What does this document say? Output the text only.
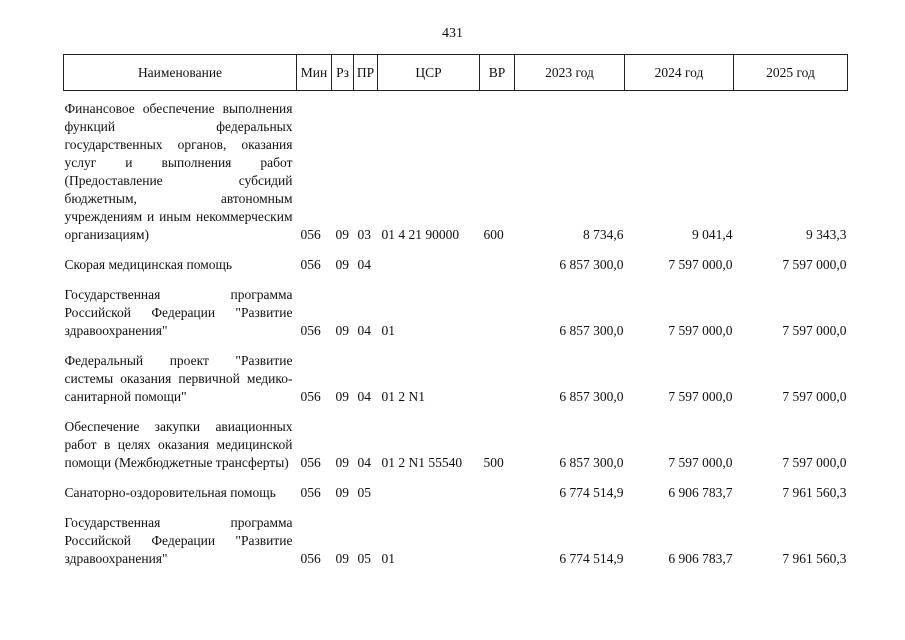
431
Наименование	Мин	Рз	ПР	ЦСР	ВР	2023 год	2024 год	2025 год
Финансовое обеспечение выполнения функций федеральных государственных органов, оказания услуг и выполнения работ (Предоставление субсидий бюджетным, автономным учреждениям и иным некоммерческим организациям)	056	09	03	01 4 21 90000	600	8 734,6	9 041,4	9 343,3
Скорая медицинская помощь	056	09	04			6 857 300,0	7 597 000,0	7 597 000,0
Государственная программа Российской Федерации "Развитие здравоохранения"	056	09	04	01		6 857 300,0	7 597 000,0	7 597 000,0
Федеральный проект "Развитие системы оказания первичной медико-санитарной помощи"	056	09	04	01 2 N1		6 857 300,0	7 597 000,0	7 597 000,0
Обеспечение закупки авиационных работ в целях оказания медицинской помощи (Межбюджетные трансферты)	056	09	04	01 2 N1 55540	500	6 857 300,0	7 597 000,0	7 597 000,0
Санаторно-оздоровительная помощь	056	09	05			6 774 514,9	6 906 783,7	7 961 560,3
Государственная программа Российской Федерации "Развитие здравоохранения"	056	09	05	01		6 774 514,9	6 906 783,7	7 961 560,3
